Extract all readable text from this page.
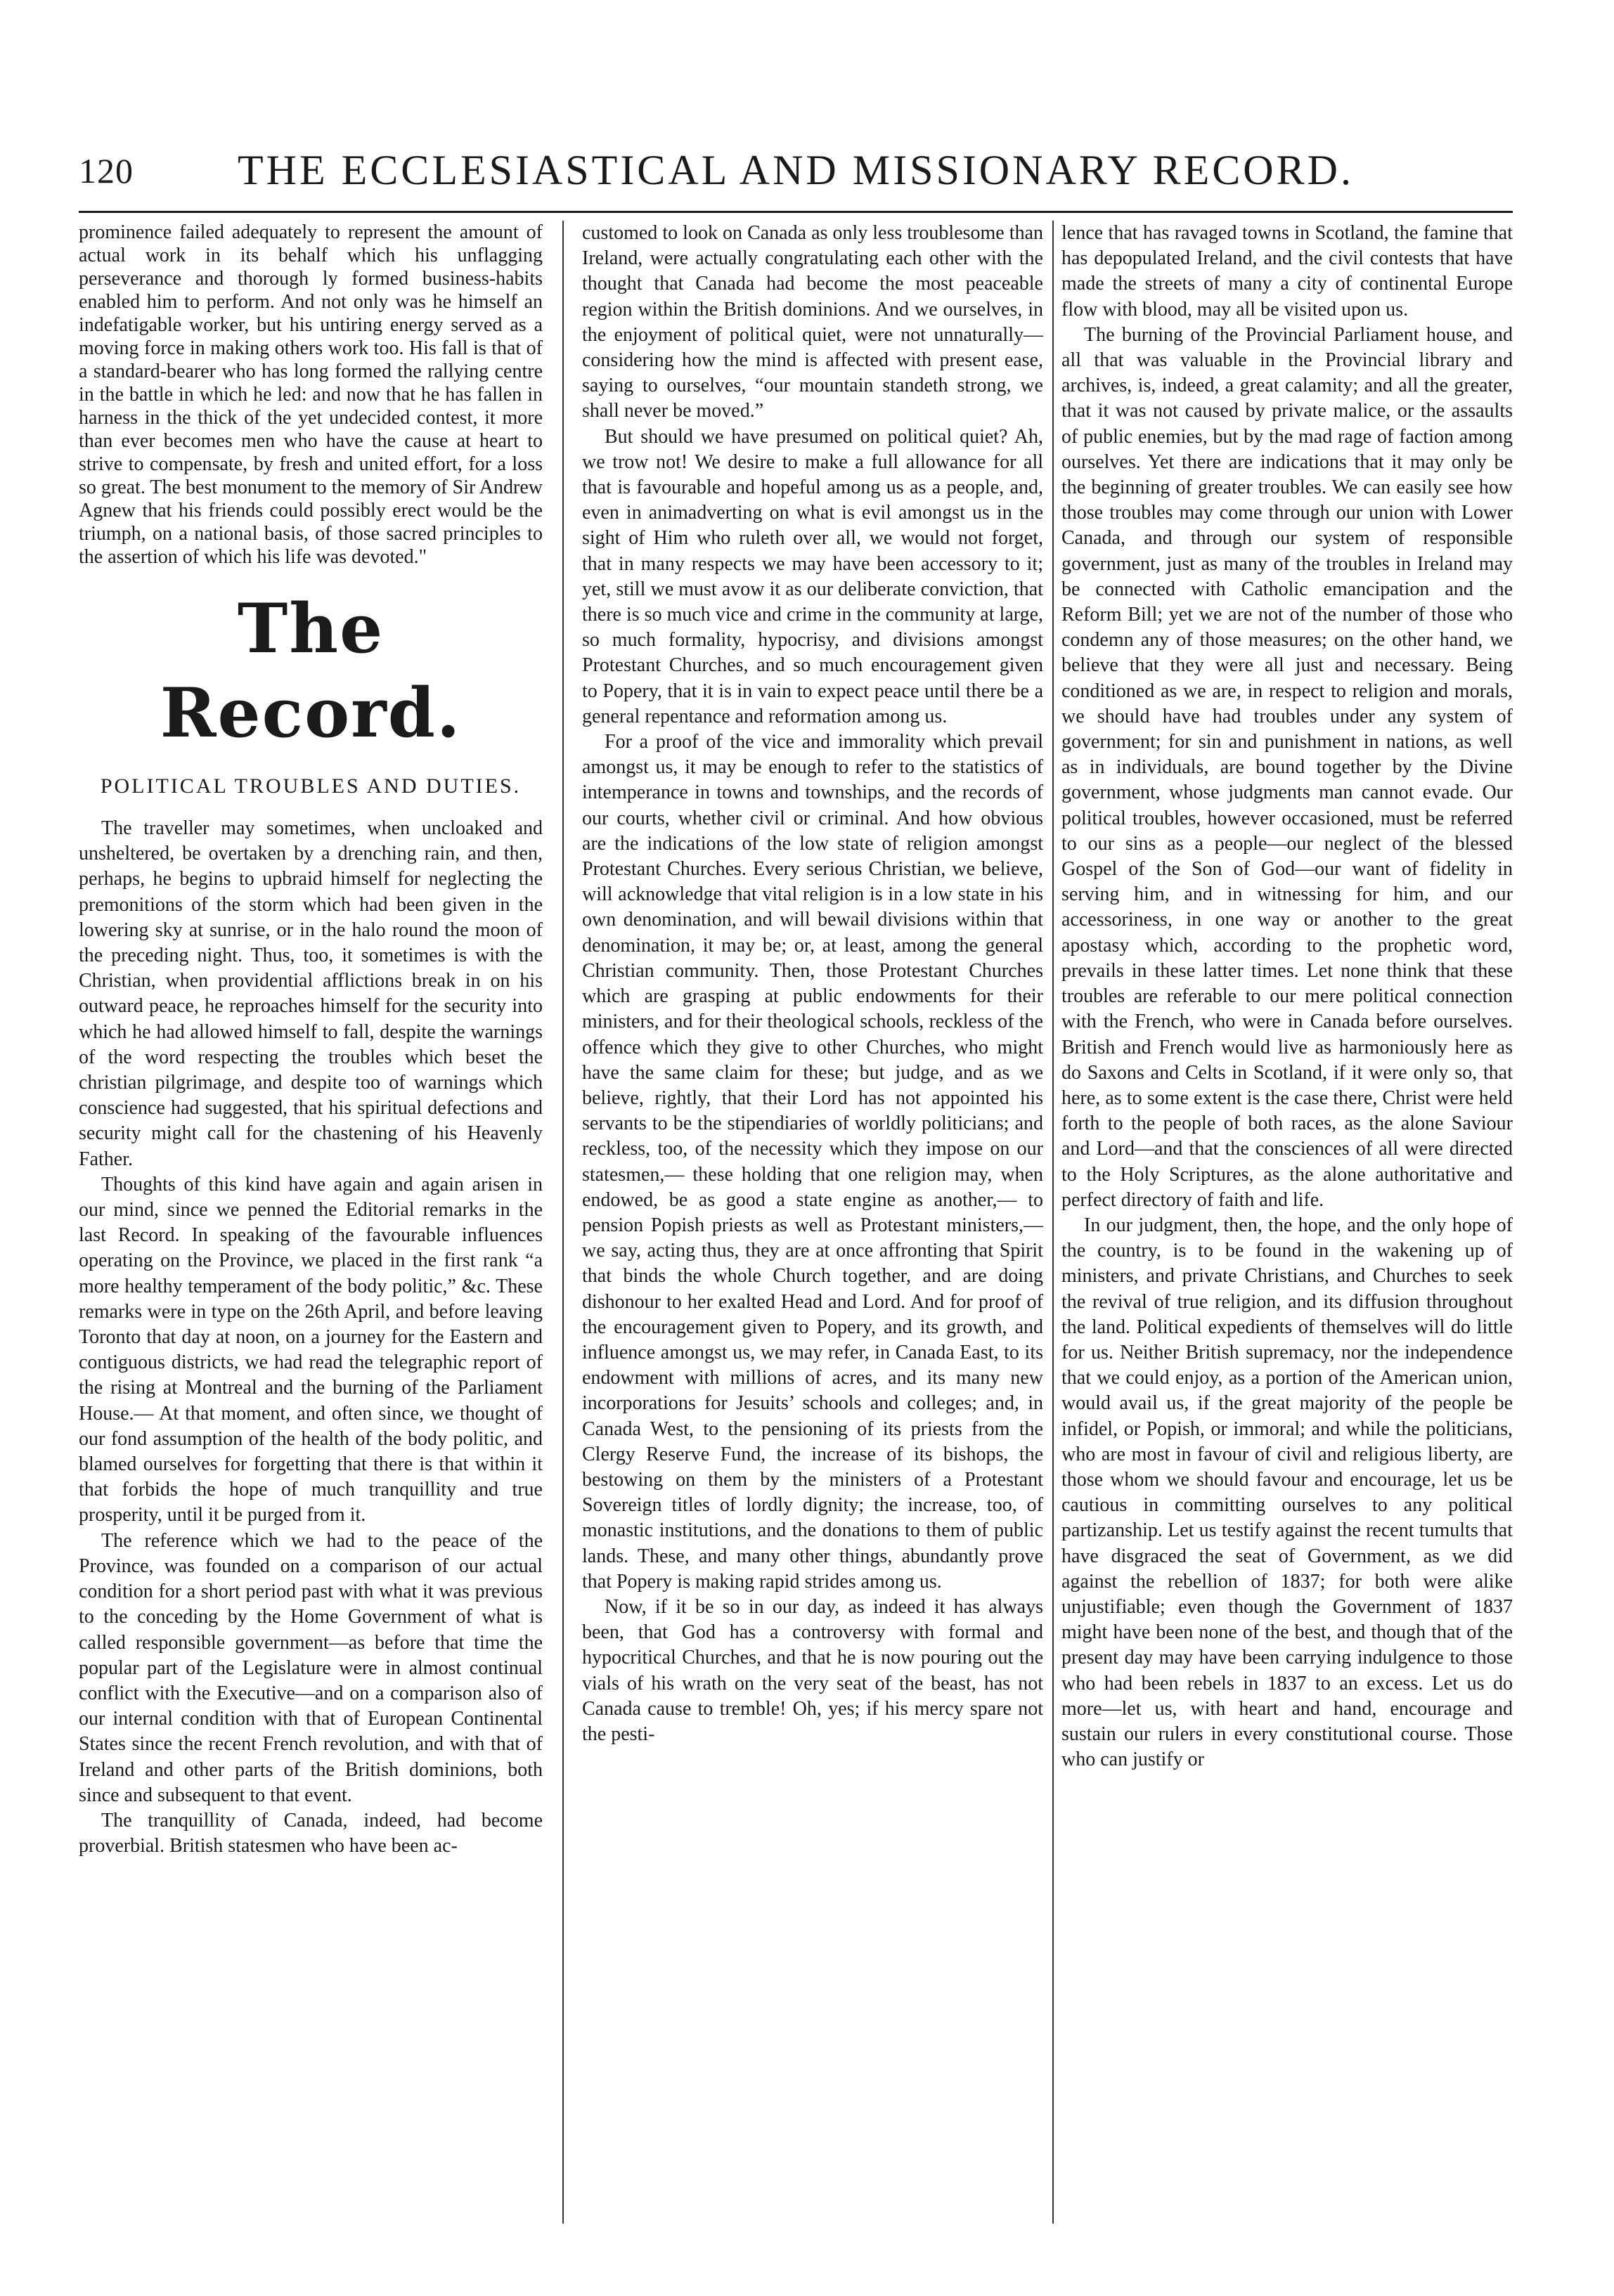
120	THE ECCLESIASTICAL AND MISSIONARY RECORD.

prominence failed adequately to represent the amount of actual work in its behalf which his unflagging perseverance and thorough ly formed business-habits enabled him to perform. And not only was he himself an indefatigable worker, but his untiring energy served as a moving force in making others work too. His fall is that of a standard-bearer who has long formed the rallying centre in the battle in which he led: and now that he has fallen in harness in the thick of the yet undecided contest, it more than ever becomes men who have the cause at heart to strive to compensate, by fresh and united effort, for a loss so great. The best monument to the memory of Sir Andrew Agnew that his friends could possibly erect would be the triumph, on a national basis, of those sacred principles to the assertion of which his life was devoted."

The Record.
POLITICAL TROUBLES AND DUTIES.

The traveller may sometimes, when uncloaked and unsheltered, be overtaken by a drenching rain, and then, perhaps, he begins to upbraid himself for neglecting the premonitions of the storm which had been given in the lowering sky at sunrise, or in the halo round the moon of the preceding night. Thus, too, it sometimes is with the Christian, when providential afflictions break in on his outward peace, he reproaches himself for the security into which he had allowed himself to fall, despite the warnings of the word respecting the troubles which beset the christian pilgrimage, and despite too of warnings which conscience had suggested, that his spiritual defections and security might call for the chastening of his Heavenly Father.

Thoughts of this kind have again and again arisen in our mind, since we penned the Editorial remarks in the last Record. In speaking of the favourable influences operating on the Province, we placed in the first rank “a more healthy temperament of the body politic,” &c. These remarks were in type on the 26th April, and before leaving Toronto that day at noon, on a journey for the Eastern and contiguous districts, we had read the telegraphic report of the rising at Montreal and the burning of the Parliament House.— At that moment, and often since, we thought of our fond assumption of the health of the body politic, and blamed ourselves for forgetting that there is that within it that forbids the hope of much tranquillity and true prosperity, until it be purged from it.

The reference which we had to the peace of the Province, was founded on a comparison of our actual condition for a short period past with what it was previous to the conceding by the Home Government of what is called responsible government—as before that time the popular part of the Legislature were in almost continual conflict with the Executive—and on a comparison also of our internal condition with that of European Continental States since the recent French revolution, and with that of Ireland and other parts of the British dominions, both since and subsequent to that event.

The tranquillity of Canada, indeed, had become proverbial. British statesmen who have been ac-

customed to look on Canada as only less troublesome than Ireland, were actually congratulating each other with the thought that Canada had become the most peaceable region within the British dominions. And we ourselves, in the enjoyment of political quiet, were not unnaturally—considering how the mind is affected with present ease, saying to ourselves, “our mountain standeth strong, we shall never be moved.”

But should we have presumed on political quiet? Ah, we trow not! We desire to make a full allowance for all that is favourable and hopeful among us as a people, and, even in animadverting on what is evil amongst us in the sight of Him who ruleth over all, we would not forget, that in many respects we may have been accessory to it; yet, still we must avow it as our deliberate conviction, that there is so much vice and crime in the community at large, so much formality, hypocrisy, and divisions amongst Protestant Churches, and so much encouragement given to Popery, that it is in vain to expect peace until there be a general repentance and reformation among us.

For a proof of the vice and immorality which prevail amongst us, it may be enough to refer to the statistics of intemperance in towns and townships, and the records of our courts, whether civil or criminal. And how obvious are the indications of the low state of religion amongst Protestant Churches. Every serious Christian, we believe, will acknowledge that vital religion is in a low state in his own denomination, and will bewail divisions within that denomination, it may be; or, at least, among the general Christian community. Then, those Protestant Churches which are grasping at public endowments for their ministers, and for their theological schools, reckless of the offence which they give to other Churches, who might have the same claim for these; but judge, and as we believe, rightly, that their Lord has not appointed his servants to be the stipendiaries of worldly politicians; and reckless, too, of the necessity which they impose on our statesmen,— these holding that one religion may, when endowed, be as good a state engine as another,— to pension Popish priests as well as Protestant ministers,—we say, acting thus, they are at once affronting that Spirit that binds the whole Church together, and are doing dishonour to her exalted Head and Lord. And for proof of the encouragement given to Popery, and its growth, and influence amongst us, we may refer, in Canada East, to its endowment with millions of acres, and its many new incorporations for Jesuits’ schools and colleges; and, in Canada West, to the pensioning of its priests from the Clergy Reserve Fund, the increase of its bishops, the bestowing on them by the ministers of a Protestant Sovereign titles of lordly dignity; the increase, too, of monastic institutions, and the donations to them of public lands. These, and many other things, abundantly prove that Popery is making rapid strides among us.

Now, if it be so in our day, as indeed it has always been, that God has a controversy with formal and hypocritical Churches, and that he is now pouring out the vials of his wrath on the very seat of the beast, has not Canada cause to tremble! Oh, yes; if his mercy spare not the pesti-

lence that has ravaged towns in Scotland, the famine that has depopulated Ireland, and the civil contests that have made the streets of many a city of continental Europe flow with blood, may all be visited upon us.

The burning of the Provincial Parliament house, and all that was valuable in the Provincial library and archives, is, indeed, a great calamity; and all the greater, that it was not caused by private malice, or the assaults of public enemies, but by the mad rage of faction among ourselves. Yet there are indications that it may only be the beginning of greater troubles. We can easily see how those troubles may come through our union with Lower Canada, and through our system of responsible government, just as many of the troubles in Ireland may be connected with Catholic emancipation and the Reform Bill; yet we are not of the number of those who condemn any of those measures; on the other hand, we believe that they were all just and necessary. Being conditioned as we are, in respect to religion and morals, we should have had troubles under any system of government; for sin and punishment in nations, as well as in individuals, are bound together by the Divine government, whose judgments man cannot evade. Our political troubles, however occasioned, must be referred to our sins as a people—our neglect of the blessed Gospel of the Son of God—our want of fidelity in serving him, and in witnessing for him, and our accessoriness, in one way or another to the great apostasy which, according to the prophetic word, prevails in these latter times. Let none think that these troubles are referable to our mere political connection with the French, who were in Canada before ourselves. British and French would live as harmoniously here as do Saxons and Celts in Scotland, if it were only so, that here, as to some extent is the case there, Christ were held forth to the people of both races, as the alone Saviour and Lord—and that the consciences of all were directed to the Holy Scriptures, as the alone authoritative and perfect directory of faith and life.

In our judgment, then, the hope, and the only hope of the country, is to be found in the wakening up of ministers, and private Christians, and Churches to seek the revival of true religion, and its diffusion throughout the land. Political expedients of themselves will do little for us. Neither British supremacy, nor the independence that we could enjoy, as a portion of the American union, would avail us, if the great majority of the people be infidel, or Popish, or immoral; and while the politicians, who are most in favour of civil and religious liberty, are those whom we should favour and encourage, let us be cautious in committing ourselves to any political partizanship. Let us testify against the recent tumults that have disgraced the seat of Government, as we did against the rebellion of 1837; for both were alike unjustifiable; even though the Government of 1837 might have been none of the best, and though that of the present day may have been carrying indulgence to those who had been rebels in 1837 to an excess. Let us do more—let us, with heart and hand, encourage and sustain our rulers in every constitutional course. Those who can justify or
